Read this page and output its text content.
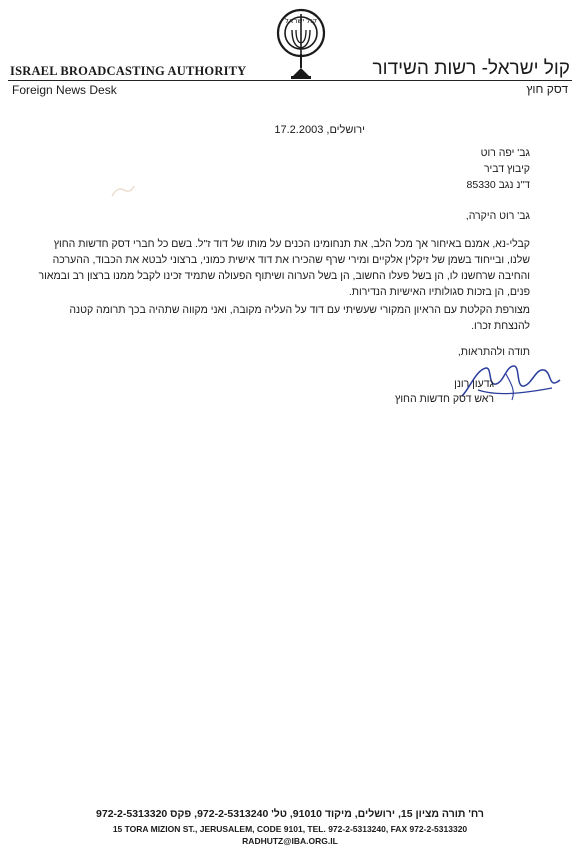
קול ישראל
ISRAEL BROADCASTING AUTHORITY	קול ישראל- רשות השידור
Foreign News Desk	דסק חוץ
ירושלים, 17.2.2003
גב' יפה רוט
קיבוץ דביר
ד"נ נגב 85330
גב' רוט היקרה,
קבלי-נא, אמנם באיחור אך מכל הלב, את תנחומינו הכנים על מותו של דוד ז"ל. בשם כל חברי דסק חדשות החוץ שלנו, ובייחוד בשמן של זיקלין אלקיים ומירי שרף שהכירו את דוד אישית כמוני, ברצוני לבטא את הכבוד, ההערכה והחיבה שרחשנו לו, הן בשל פעלו החשוב, הן בשל הערוה ושיתוף הפעולה שתמיד זכינו לקבל ממנו ברצון רב ובמאור פנים, הן בזכות סגולותיו האישיות הנדירות.
מצורפת הקלטת עם הראיון המקורי שעשיתי עם דוד על העליה מקובה, ואני מקווה שתהיה בכך תרומה קטנה להנצחת זכרו.
תודה ולהתראות,
גדעון רונן
ראש דסק חדשות החוץ
רח' תורה מציון 15, ירושלים, מיקוד 91010, טל' 972-2-5313240, פקס 972-2-5313320
15 TORA MIZION ST., JERUSALEM, CODE 9101, TEL. 972-2-5313240, FAX 972-2-5313320
RADHUTZ@IBA.ORG.IL
